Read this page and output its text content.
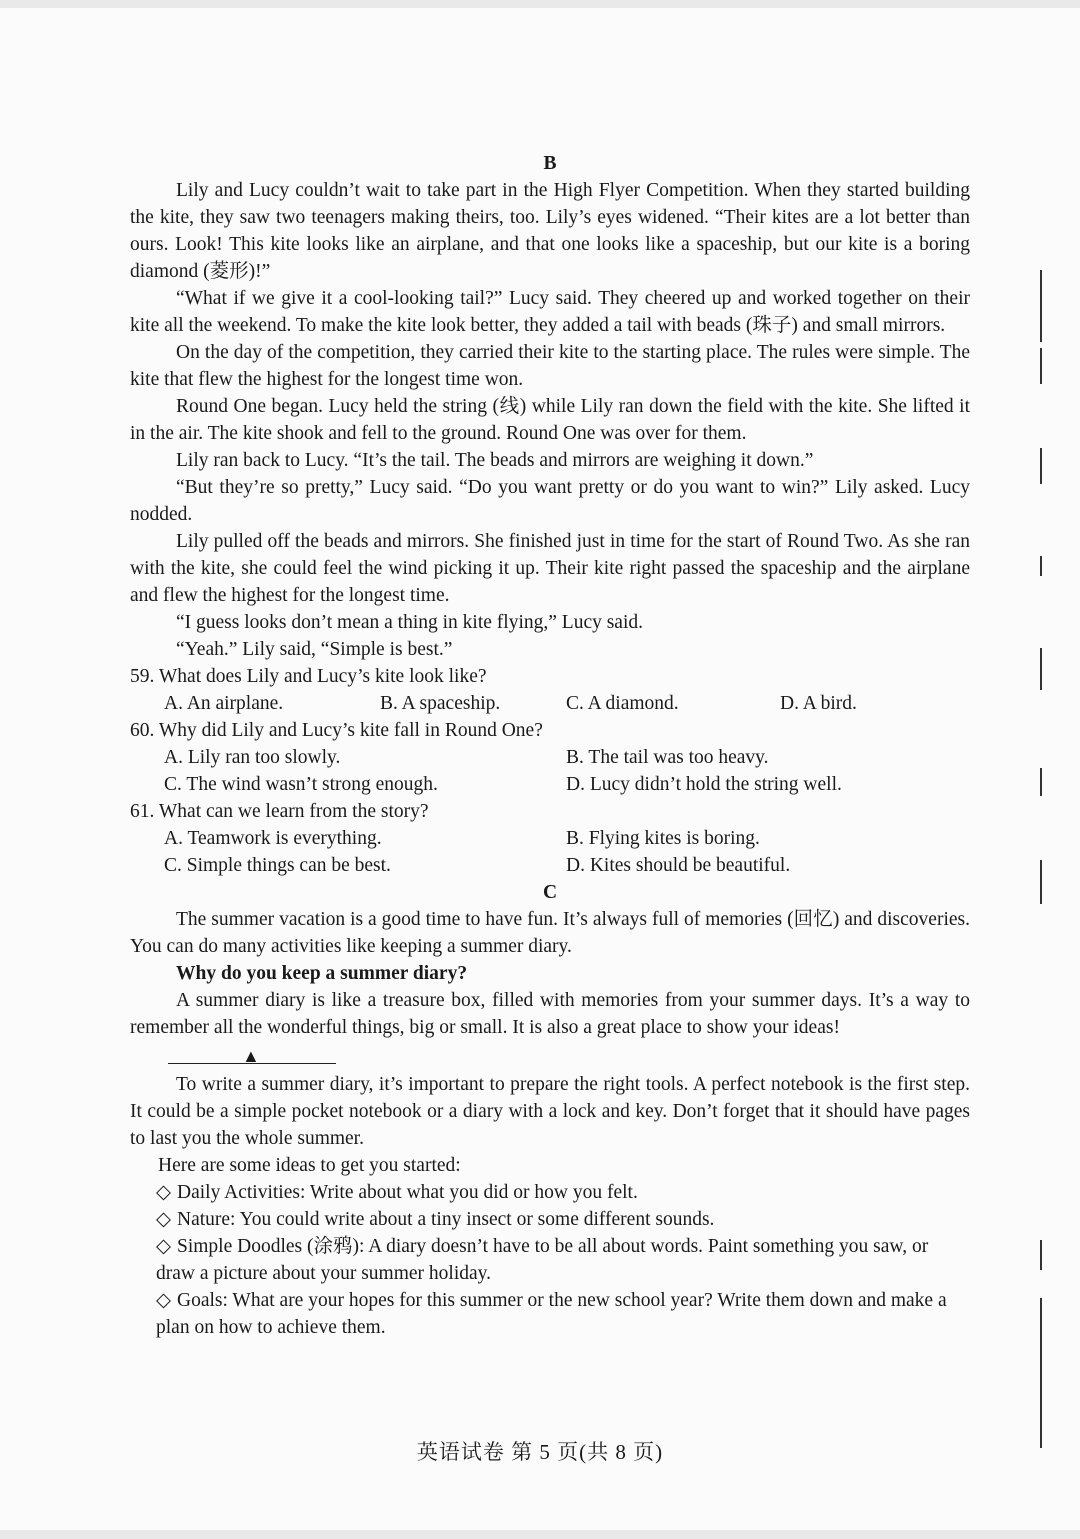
B

Lily and Lucy couldn’t wait to take part in the High Flyer Competition. When they started building the kite, they saw two teenagers making theirs, too. Lily’s eyes widened. “Their kites are a lot better than ours. Look! This kite looks like an airplane, and that one looks like a spaceship, but our kite is a boring diamond (菱形)!”

“What if we give it a cool-looking tail?” Lucy said. They cheered up and worked together on their kite all the weekend. To make the kite look better, they added a tail with beads (珠子) and small mirrors.

On the day of the competition, they carried their kite to the starting place. The rules were simple. The kite that flew the highest for the longest time won.

Round One began. Lucy held the string (线) while Lily ran down the field with the kite. She lifted it in the air. The kite shook and fell to the ground. Round One was over for them.

Lily ran back to Lucy. “It’s the tail. The beads and mirrors are weighing it down.”

“But they’re so pretty,” Lucy said. “Do you want pretty or do you want to win?” Lily asked. Lucy nodded.

Lily pulled off the beads and mirrors. She finished just in time for the start of Round Two. As she ran with the kite, she could feel the wind picking it up. Their kite right passed the spaceship and the airplane and flew the highest for the longest time.

“I guess looks don’t mean a thing in kite flying,” Lucy said.

“Yeah.” Lily said, “Simple is best.”

59. What does Lily and Lucy’s kite look like?

A. An airplane.	B. A spaceship.	C. A diamond.	D. A bird.

60. Why did Lily and Lucy’s kite fall in Round One?

A. Lily ran too slowly.	B. The tail was too heavy.
C. The wind wasn’t strong enough.	D. Lucy didn’t hold the string well.

61. What can we learn from the story?

A. Teamwork is everything.	B. Flying kites is boring.
C. Simple things can be best.	D. Kites should be beautiful.

C

The summer vacation is a good time to have fun. It’s always full of memories (回忆) and discoveries. You can do many activities like keeping a summer diary.

Why do you keep a summer diary?

A summer diary is like a treasure box, filled with memories from your summer days. It’s a way to remember all the wonderful things, big or small. It is also a great place to show your ideas!

▲

To write a summer diary, it’s important to prepare the right tools. A perfect notebook is the first step. It could be a simple pocket notebook or a diary with a lock and key. Don’t forget that it should have pages to last you the whole summer.

Here are some ideas to get you started:

◇ Daily Activities: Write about what you did or how you felt.

◇ Nature: You could write about a tiny insect or some different sounds.

◇ Simple Doodles (涂鸦): A diary doesn’t have to be all about words. Paint something you saw, or draw a picture about your summer holiday.

◇ Goals: What are your hopes for this summer or the new school year? Write them down and make a plan on how to achieve them.

英语试卷 第 5 页(共 8 页)
